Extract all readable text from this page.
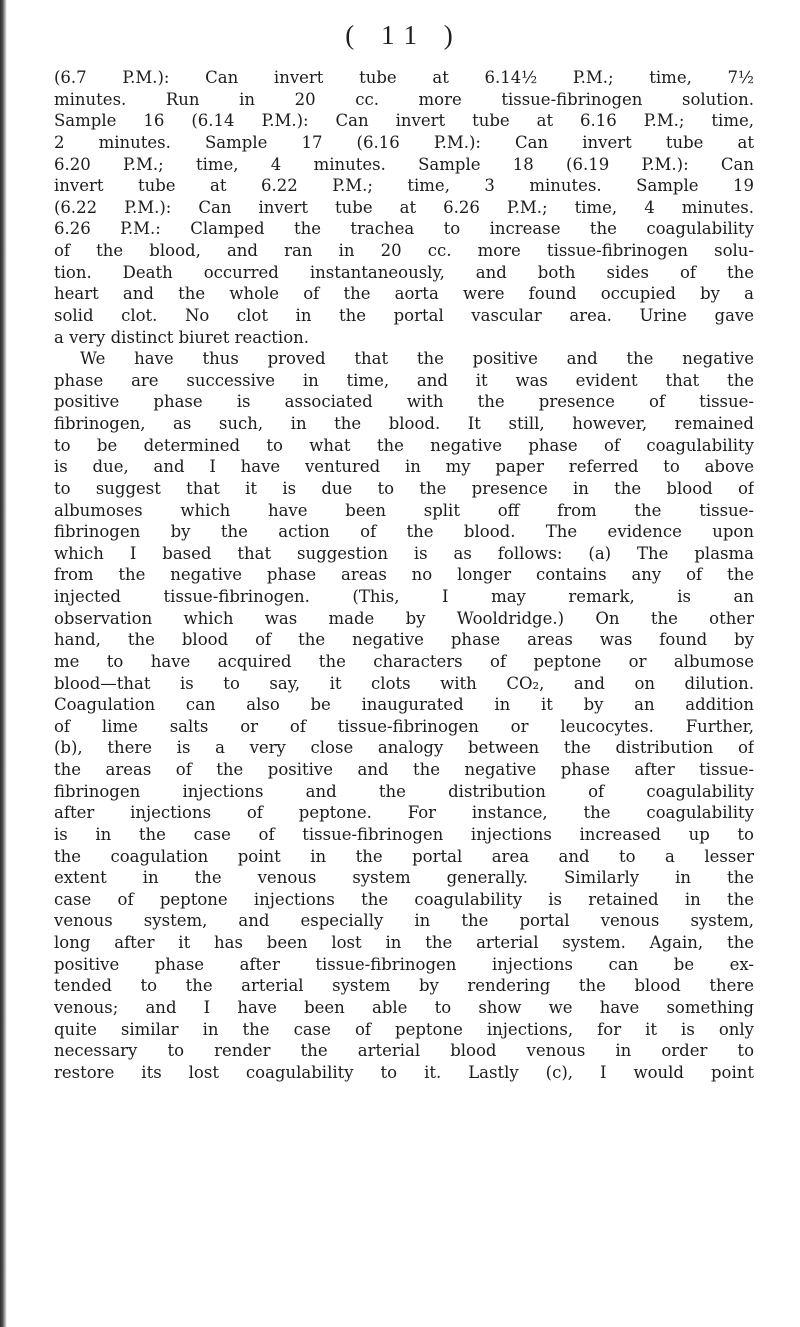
( 11 )
(6.7 P.M.): Can invert tube at 6.14½ P.M.; time, 7½
minutes. Run in 20 cc. more tissue-fibrinogen solution.
Sample 16 (6.14 P.M.): Can invert tube at 6.16 P.M.; time,
2 minutes. Sample 17 (6.16 P.M.): Can invert tube at
6.20 P.M.; time, 4 minutes. Sample 18 (6.19 P.M.): Can
invert tube at 6.22 P.M.; time, 3 minutes. Sample 19
(6.22 P.M.): Can invert tube at 6.26 P.M.; time, 4 minutes.
6.26 P.M.: Clamped the trachea to increase the coagulability
of the blood, and ran in 20 cc. more tissue-fibrinogen solu-
tion. Death occurred instantaneously, and both sides of the
heart and the whole of the aorta were found occupied by a
solid clot. No clot in the portal vascular area. Urine gave
a very distinct biuret reaction.
We have thus proved that the positive and the negative
phase are successive in time, and it was evident that the
positive phase is associated with the presence of tissue-
fibrinogen, as such, in the blood. It still, however, remained
to be determined to what the negative phase of coagulability
is due, and I have ventured in my paper referred to above
to suggest that it is due to the presence in the blood of
albumoses which have been split off from the tissue-
fibrinogen by the action of the blood. The evidence upon
which I based that suggestion is as follows: (a) The plasma
from the negative phase areas no longer contains any of the
injected tissue-fibrinogen. (This, I may remark, is an
observation which was made by Wooldridge.) On the other
hand, the blood of the negative phase areas was found by
me to have acquired the characters of peptone or albumose
blood—that is to say, it clots with CO₂, and on dilution.
Coagulation can also be inaugurated in it by an addition
of lime salts or of tissue-fibrinogen or leucocytes. Further,
(b), there is a very close analogy between the distribution of
the areas of the positive and the negative phase after tissue-
fibrinogen injections and the distribution of coagulability
after injections of peptone. For instance, the coagulability
is in the case of tissue-fibrinogen injections increased up to
the coagulation point in the portal area and to a lesser
extent in the venous system generally. Similarly in the
case of peptone injections the coagulability is retained in the
venous system, and especially in the portal venous system,
long after it has been lost in the arterial system. Again, the
positive phase after tissue-fibrinogen injections can be ex-
tended to the arterial system by rendering the blood there
venous; and I have been able to show we have something
quite similar in the case of peptone injections, for it is only
necessary to render the arterial blood venous in order to
restore its lost coagulability to it. Lastly (c), I would point
